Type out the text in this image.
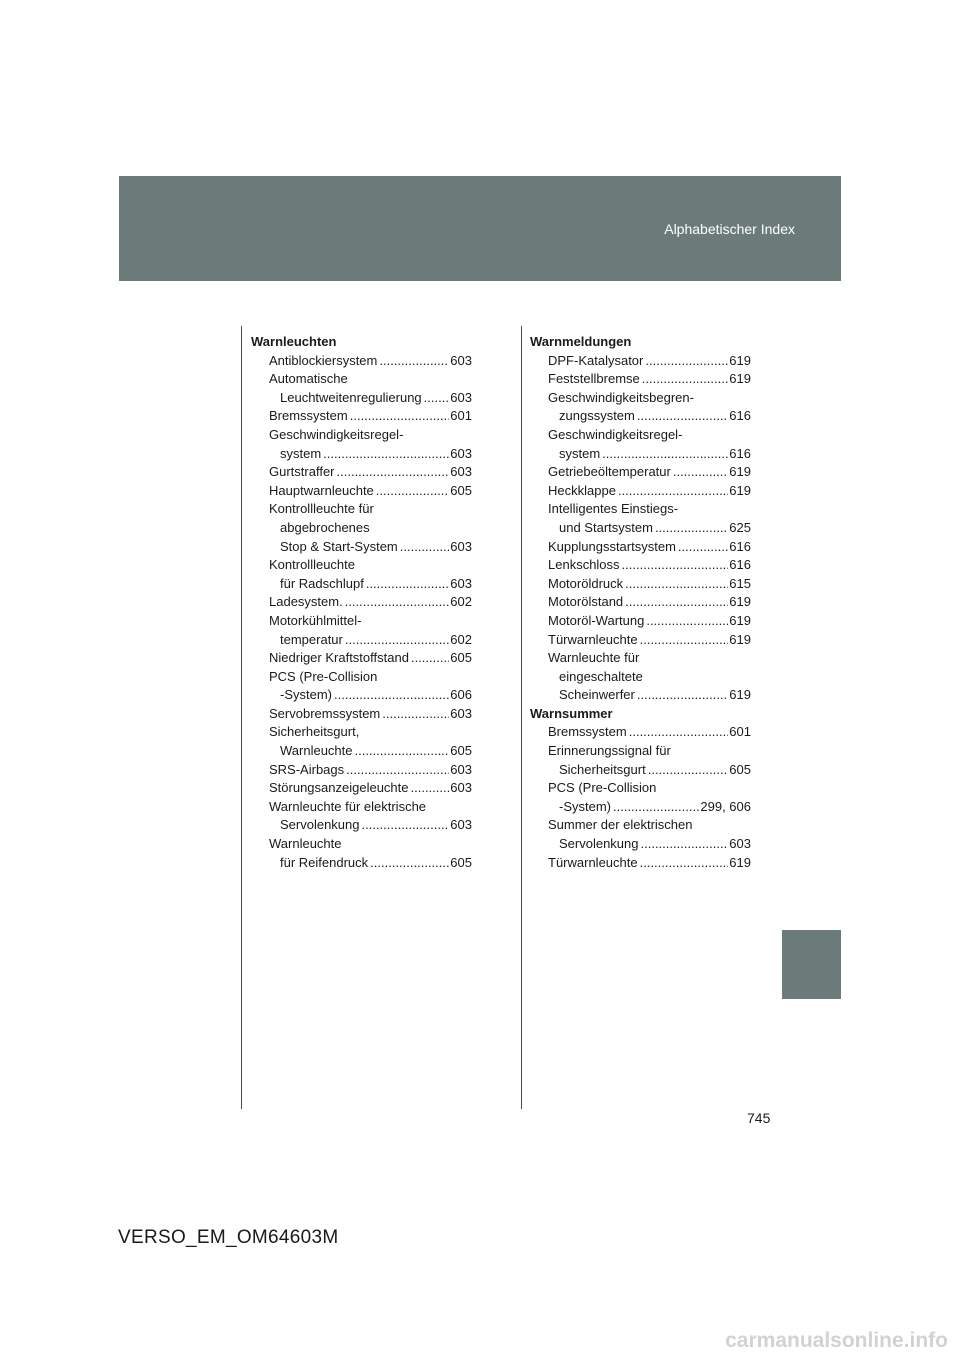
Alphabetischer Index
Warnleuchten
Antiblockiersystem .....	603
Automatische
Leuchtweitenregulierung ..... 603
Bremssystem .....	601
Geschwindigkeitsregel-
system .....	603
Gurtstraffer .....	603
Hauptwarnleuchte .....	605
Kontrollleuchte für
abgebrochenes
Stop & Start-System .....	603
Kontrollleuchte
für Radschlupf .....	603
Ladesystem. .....	602
Motorkühlmittel-
temperatur .....	602
Niedriger Kraftstoffstand .....	605
PCS (Pre-Collision
-System) .....	606
Servobremssystem .....	603
Sicherheitsgurt,
Warnleuchte .....	605
SRS-Airbags .....	603
Störungsanzeigeleuchte .....	603
Warnleuchte für elektrische
Servolenkung .....	603
Warnleuchte
für Reifendruck .....	605
Warnmeldungen
DPF-Katalysator .....	619
Feststellbremse .....	619
Geschwindigkeitsbegren-
zungssystem .....	616
Geschwindigkeitsregel-
system .....	616
Getriebeöltemperatur .....	619
Heckklappe .....	619
Intelligentes Einstiegs-
und Startsystem .....	625
Kupplungsstartsystem .....	616
Lenkschloss .....	616
Motoröldruck .....	615
Motorölstand .....	619
Motoröl-Wartung .....	619
Türwarnleuchte .....	619
Warnleuchte für
eingeschaltete
Scheinwerfer .....	619
Warnsummer
Bremssystem .....	601
Erinnerungssignal für
Sicherheitsgurt .....	605
PCS (Pre-Collision
-System) .....	299, 606
Summer der elektrischen
Servolenkung .....	603
Türwarnleuchte .....	619
745
VERSO_EM_OM64603M
carmanualsonline.info
